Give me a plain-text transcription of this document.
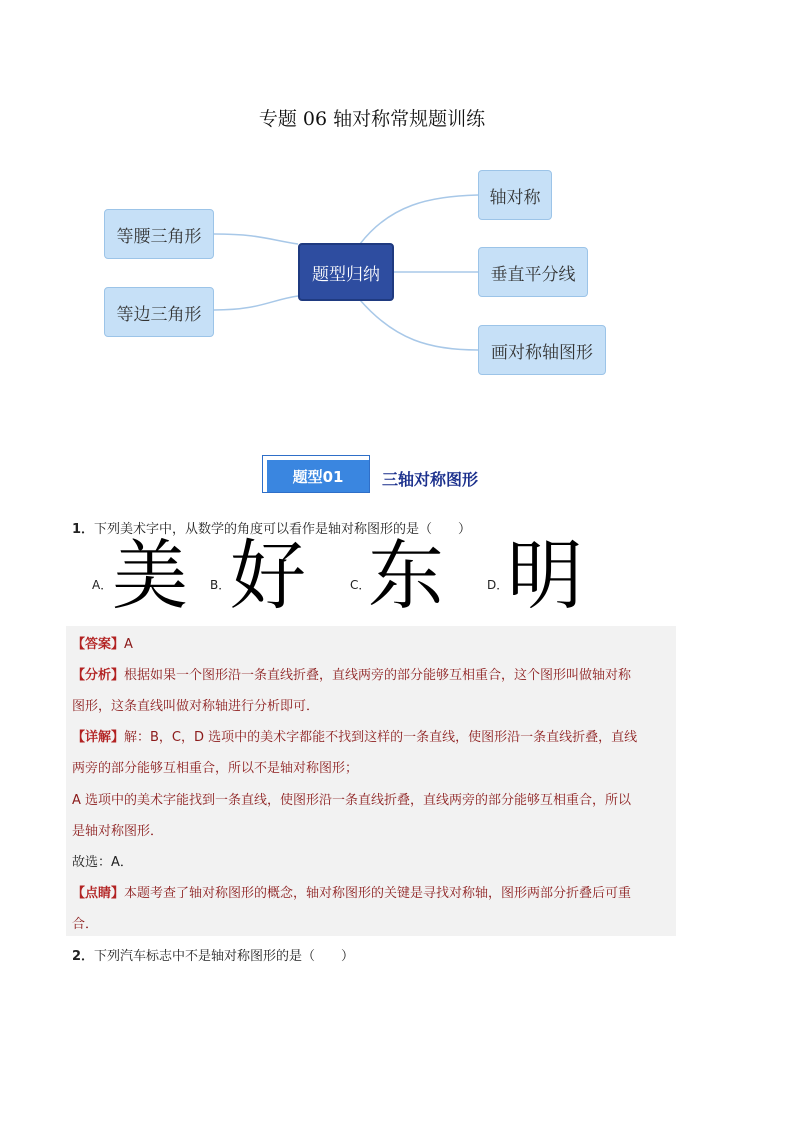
专题 06 轴对称常规题训练
等腰三角形
等边三角形
题型归纳
轴对称
垂直平分线
画对称轴图形
题型01	三轴对称图形
1．下列美术字中，从数学的角度可以看作是轴对称图形的是（　　）
A． 美 B． 好	C．
东	D．
明
【答案】A
【分析】根据如果一个图形沿一条直线折叠，直线两旁的部分能够互相重合，这个图形叫做轴对称
图形，这条直线叫做对称轴进行分析即可．
【详解】解：B，C，D 选项中的美术字都能不找到这样的一条直线，使图形沿一条直线折叠，直线
两旁的部分能够互相重合，所以不是轴对称图形；
A 选项中的美术字能找到一条直线，使图形沿一条直线折叠，直线两旁的部分能够互相重合，所以
是轴对称图形．
故选：A．
【点睛】本题考查了轴对称图形的概念，轴对称图形的关键是寻找对称轴，图形两部分折叠后可重
合．
2．下列汽车标志中不是轴对称图形的是（　　）
